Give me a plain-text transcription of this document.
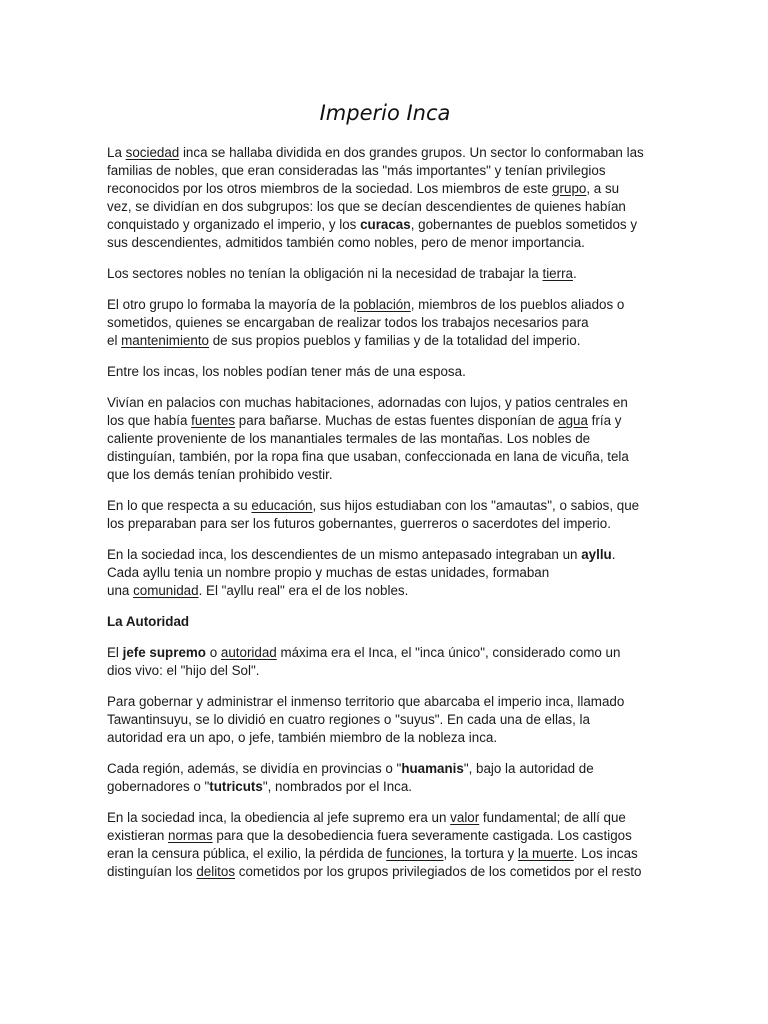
Imperio Inca

La sociedad inca se hallaba dividida en dos grandes grupos. Un sector lo conformaban las
familias de nobles, que eran consideradas las "más importantes" y tenían privilegios
reconocidos por los otros miembros de la sociedad. Los miembros de este grupo, a su
vez, se dividían en dos subgrupos: los que se decían descendientes de quienes habían
conquistado y organizado el imperio, y los curacas, gobernantes de pueblos sometidos y
sus descendientes, admitidos también como nobles, pero de menor importancia.

Los sectores nobles no tenían la obligación ni la necesidad de trabajar la tierra.

El otro grupo lo formaba la mayoría de la población, miembros de los pueblos aliados o
sometidos, quienes se encargaban de realizar todos los trabajos necesarios para
el mantenimiento de sus propios pueblos y familias y de la totalidad del imperio.

Entre los incas, los nobles podían tener más de una esposa.

Vivían en palacios con muchas habitaciones, adornadas con lujos, y patios centrales en
los que había fuentes para bañarse. Muchas de estas fuentes disponían de agua fría y
caliente proveniente de los manantiales termales de las montañas. Los nobles de
distinguían, también, por la ropa fina que usaban, confeccionada en lana de vicuña, tela
que los demás tenían prohibido vestir.

En lo que respecta a su educación, sus hijos estudiaban con los "amautas", o sabios, que
los preparaban para ser los futuros gobernantes, guerreros o sacerdotes del imperio.

En la sociedad inca, los descendientes de un mismo antepasado integraban un ayllu.
Cada ayllu tenia un nombre propio y muchas de estas unidades, formaban
una comunidad. El "ayllu real" era el de los nobles.

La Autoridad

El jefe supremo o autoridad máxima era el Inca, el "inca único", considerado como un
dios vivo: el "hijo del Sol".

Para gobernar y administrar el inmenso territorio que abarcaba el imperio inca, llamado
Tawantinsuyu, se lo dividió en cuatro regiones o "suyus". En cada una de ellas, la
autoridad era un apo, o jefe, también miembro de la nobleza inca.

Cada región, además, se dividía en provincias o "huamanis", bajo la autoridad de
gobernadores o "tutricuts", nombrados por el Inca.

En la sociedad inca, la obediencia al jefe supremo era un valor fundamental; de allí que
existieran normas para que la desobediencia fuera severamente castigada. Los castigos
eran la censura pública, el exilio, la pérdida de funciones, la tortura y la muerte. Los incas
distinguían los delitos cometidos por los grupos privilegiados de los cometidos por el resto
